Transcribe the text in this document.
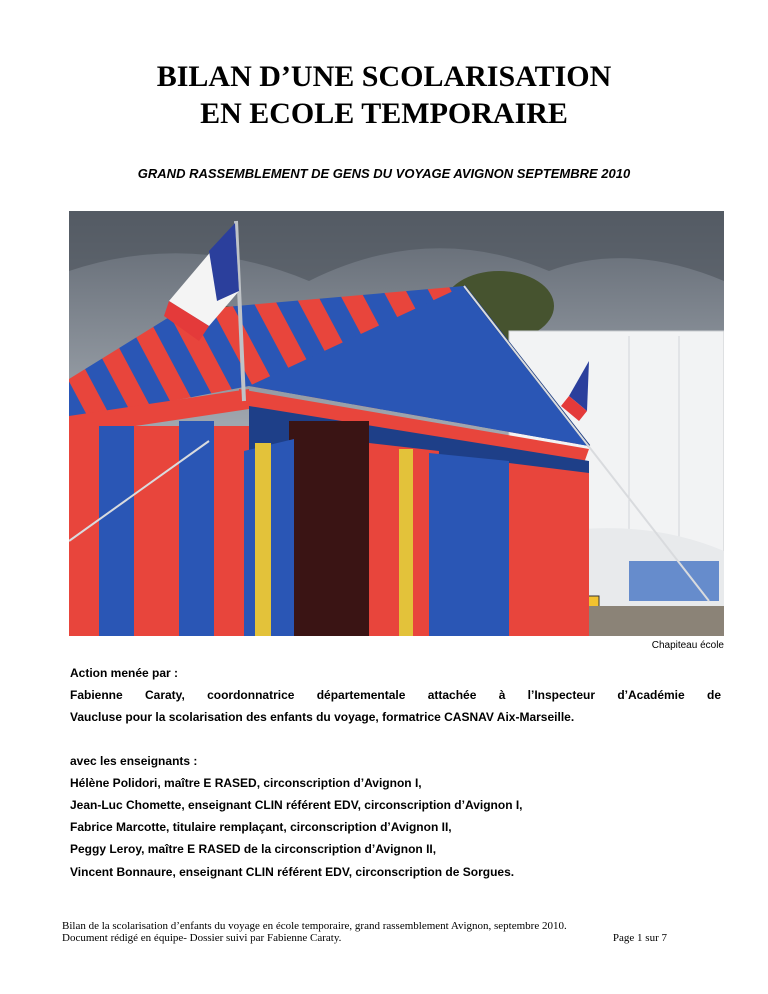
BILAN D’UNE SCOLARISATION
EN ECOLE TEMPORAIRE
GRAND RASSEMBLEMENT DE GENS DU VOYAGE AVIGNON SEPTEMBRE 2010
Chapiteau école
Action menée par :
Fabienne Caraty, coordonnatrice départementale attachée à l’Inspecteur d’Académie de
Vaucluse pour la scolarisation des enfants du voyage, formatrice CASNAV Aix-Marseille.
avec les enseignants :
Hélène Polidori, maître E RASED, circonscription d’Avignon I,
Jean-Luc Chomette, enseignant CLIN référent EDV, circonscription d’Avignon I,
Fabrice Marcotte, titulaire remplaçant, circonscription d’Avignon II,
Peggy Leroy, maître E RASED de la circonscription d’Avignon II,
Vincent Bonnaure, enseignant CLIN référent EDV, circonscription de Sorgues.
Bilan de la scolarisation d’enfants du voyage en école temporaire, grand rassemblement Avignon, septembre 2010.
Document rédigé en équipe- Dossier suivi par Fabienne Caraty.	Page 1 sur 7
